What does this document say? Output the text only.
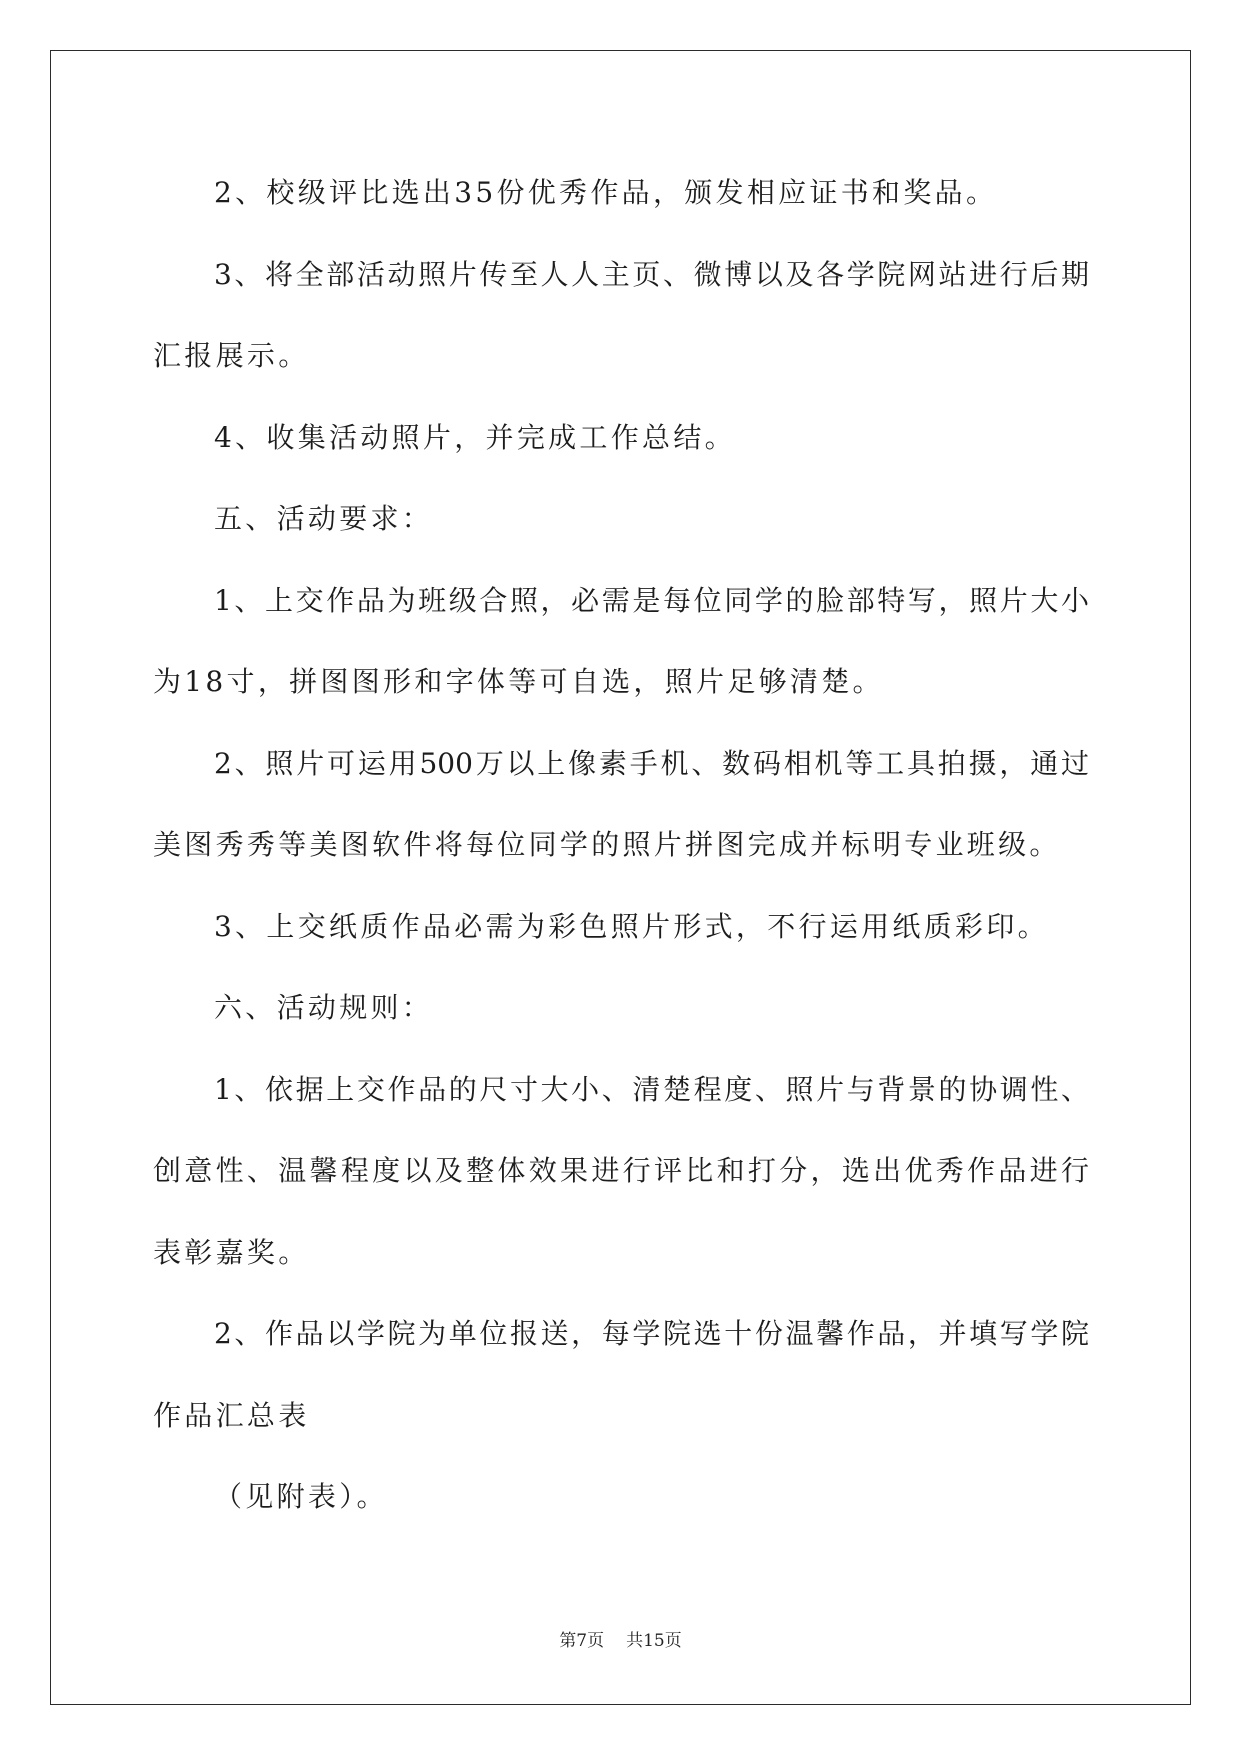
2、校级评比选出35份优秀作品，颁发相应证书和奖品。
3、将全部活动照片传至人人主页、微博以及各学院网站进行后期
汇报展示。
4、收集活动照片，并完成工作总结。
五、活动要求：
1、上交作品为班级合照，必需是每位同学的脸部特写，照片大小
为18寸，拼图图形和字体等可自选，照片足够清楚。
2、照片可运用500万以上像素手机、数码相机等工具拍摄，通过
美图秀秀等美图软件将每位同学的照片拼图完成并标明专业班级。
3、上交纸质作品必需为彩色照片形式，不行运用纸质彩印。
六、活动规则：
1、依据上交作品的尺寸大小、清楚程度、照片与背景的协调性、
创意性、温馨程度以及整体效果进行评比和打分，选出优秀作品进行
表彰嘉奖。
2、作品以学院为单位报送，每学院选十份温馨作品，并填写学院
作品汇总表
（见附表）。
第7页 共15页
